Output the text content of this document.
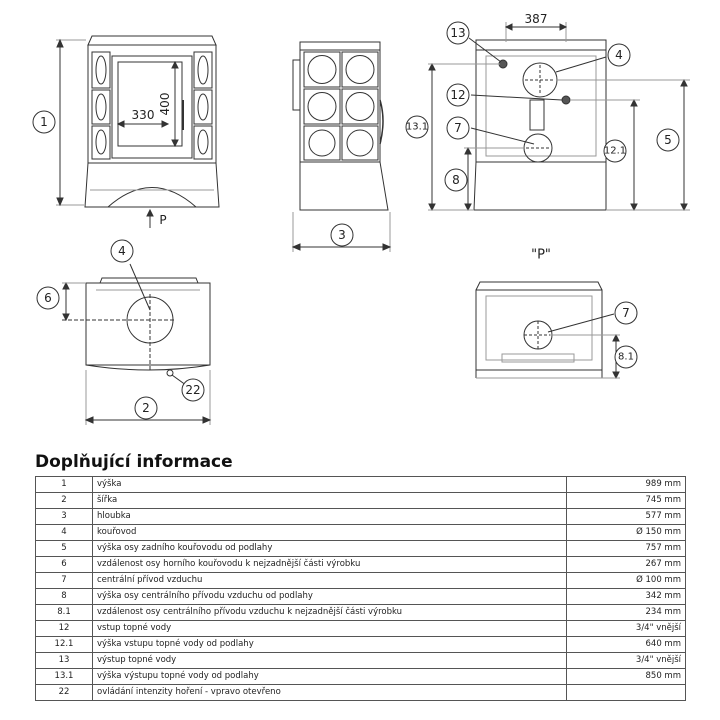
387
400
330
P
"P"
1
3
13
4
12
13.1 7
12.1
5
8
4
6
22
2
7
8.1
Doplňující informace
1	výška	989 mm
2	šířka	745 mm
3	hloubka	577 mm
4	kouřovod	Ø 150 mm
5	výška osy zadního kouřovodu od podlahy	757 mm
6	vzdálenost osy horního kouřovodu k nejzadnější části výrobku	267 mm
7	centrální přívod vzduchu	Ø 100 mm
8	výška osy centrálního přívodu vzduchu od podlahy	342 mm
8.1	vzdálenost osy centrálního přívodu vzduchu k nejzadnější části výrobku	234 mm
12	vstup topné vody	3/4" vnější
12.1	výška vstupu topné vody od podlahy	640 mm
13	výstup topné vody	3/4" vnější
13.1	výška výstupu topné vody od podlahy	850 mm
22	ovládání intenzity hoření - vpravo otevřeno	
